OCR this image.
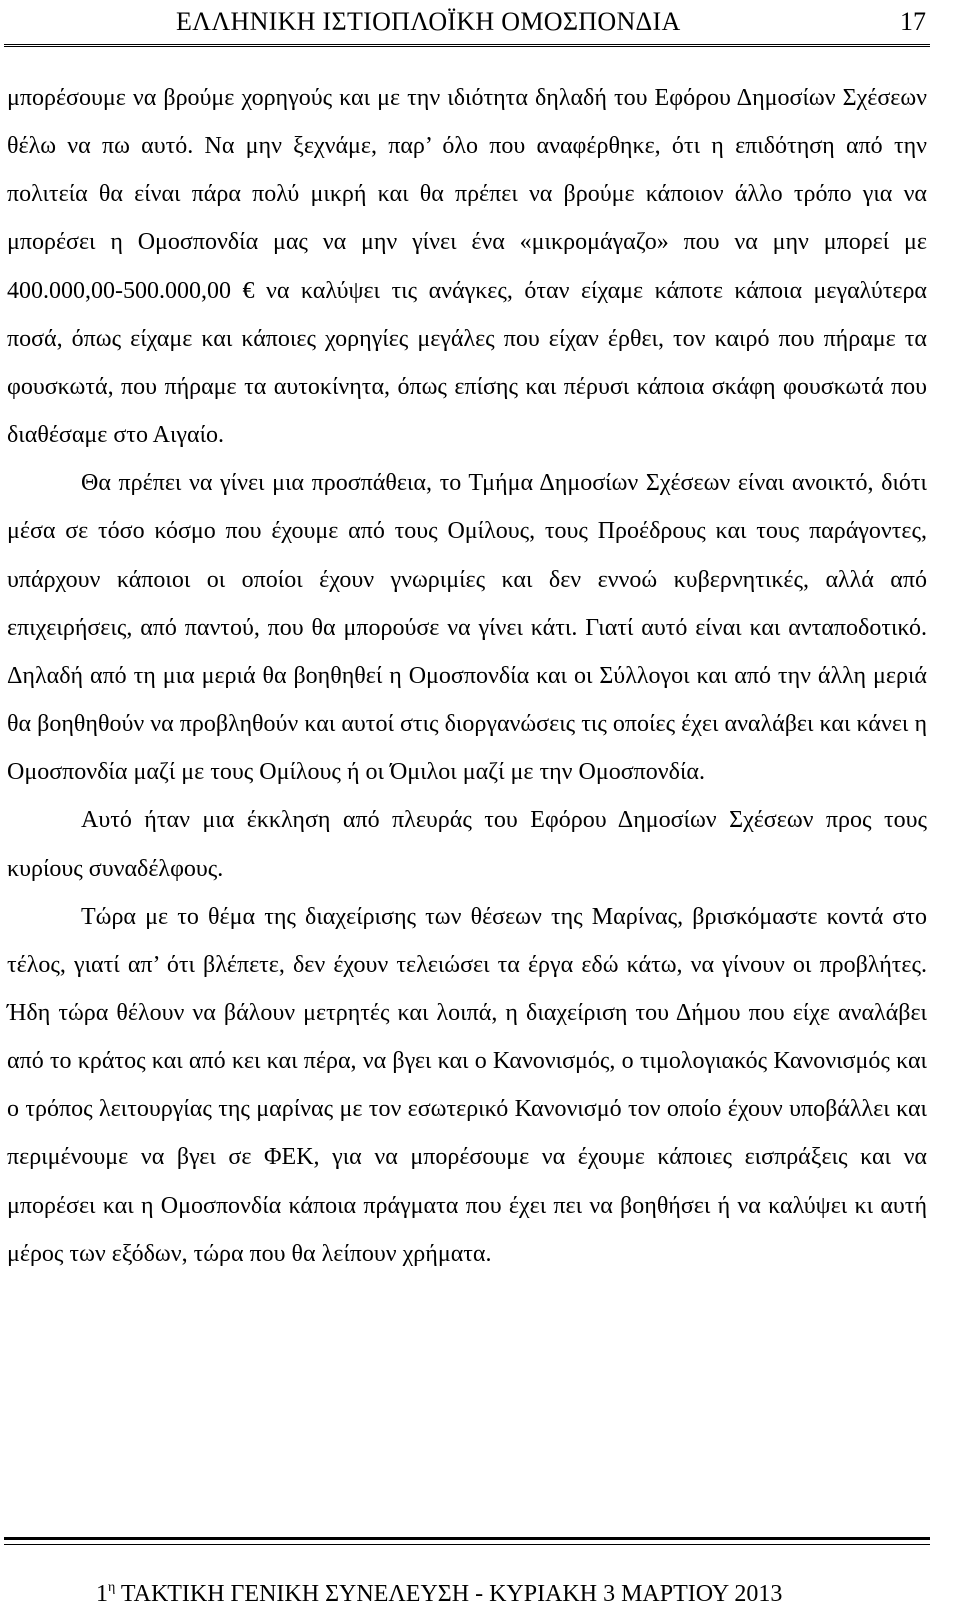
ΕΛΛΗΝΙΚΗ ΙΣΤΙΟΠΛΟΪΚΗ ΟΜΟΣΠΟΝΔΙΑ	17

μπορέσουμε να βρούμε χορηγούς και με την ιδιότητα δηλαδή του Εφόρου Δημοσίων Σχέσεων θέλω να πω αυτό. Να μην ξεχνάμε, παρ’ όλο που αναφέρθηκε, ότι η επιδότηση από την πολιτεία θα είναι πάρα πολύ μικρή και θα πρέπει να βρούμε κάποιον άλλο τρόπο για να μπορέσει η Ομοσπονδία μας να μην γίνει ένα «μικρομάγαζο» που να μην μπορεί με 400.000,00-500.000,00 € να καλύψει τις ανάγκες, όταν είχαμε κάποτε κάποια μεγαλύτερα ποσά, όπως είχαμε και κάποιες χορηγίες μεγάλες που είχαν έρθει, τον καιρό που πήραμε τα φουσκωτά, που πήραμε τα αυτοκίνητα, όπως επίσης και πέρυσι κάποια σκάφη φουσκωτά που διαθέσαμε στο Αιγαίο.

Θα πρέπει να γίνει μια προσπάθεια, το Τμήμα Δημοσίων Σχέσεων είναι ανοικτό, διότι μέσα σε τόσο κόσμο που έχουμε από τους Ομίλους, τους Προέδρους και τους παράγοντες, υπάρχουν κάποιοι οι οποίοι έχουν γνωριμίες και δεν εννοώ κυβερνητικές, αλλά από επιχειρήσεις, από παντού, που θα μπορούσε να γίνει κάτι. Γιατί αυτό είναι και ανταποδοτικό. Δηλαδή από τη μια μεριά θα βοηθηθεί η Ομοσπονδία και οι Σύλλογοι και από την άλλη μεριά θα βοηθηθούν να προβληθούν και αυτοί στις διοργανώσεις τις οποίες έχει αναλάβει και κάνει η Ομοσπονδία μαζί με τους Ομίλους ή οι Όμιλοι μαζί με την Ομοσπονδία.

Αυτό ήταν μια έκκληση από πλευράς του Εφόρου Δημοσίων Σχέσεων προς τους κυρίους συναδέλφους.

Τώρα με το θέμα της διαχείρισης των θέσεων της Μαρίνας, βρισκόμαστε κοντά στο τέλος, γιατί απ’ ότι βλέπετε, δεν έχουν τελειώσει τα έργα εδώ κάτω, να γίνουν οι προβλήτες. Ήδη τώρα θέλουν να βάλουν μετρητές και λοιπά, η διαχείριση του Δήμου που είχε αναλάβει από το κράτος και από κει και πέρα, να βγει και ο Κανονισμός, ο τιμολογιακός Κανονισμός και ο τρόπος λειτουργίας της μαρίνας με τον εσωτερικό Κανονισμό τον οποίο έχουν υποβάλλει και περιμένουμε να βγει σε ΦΕΚ, για να μπορέσουμε να έχουμε κάποιες εισπράξεις και να μπορέσει και η Ομοσπονδία κάποια πράγματα που έχει πει να βοηθήσει ή να καλύψει κι αυτή μέρος των εξόδων, τώρα που θα λείπουν χρήματα.

$1^\eta$ ΤΑΚΤΙΚΗ ΓΕΝΙΚΗ ΣΥΝΕΛΕΥΣΗ - ΚΥΡΙΑΚΗ 3 ΜΑΡΤΙΟΥ 2013
